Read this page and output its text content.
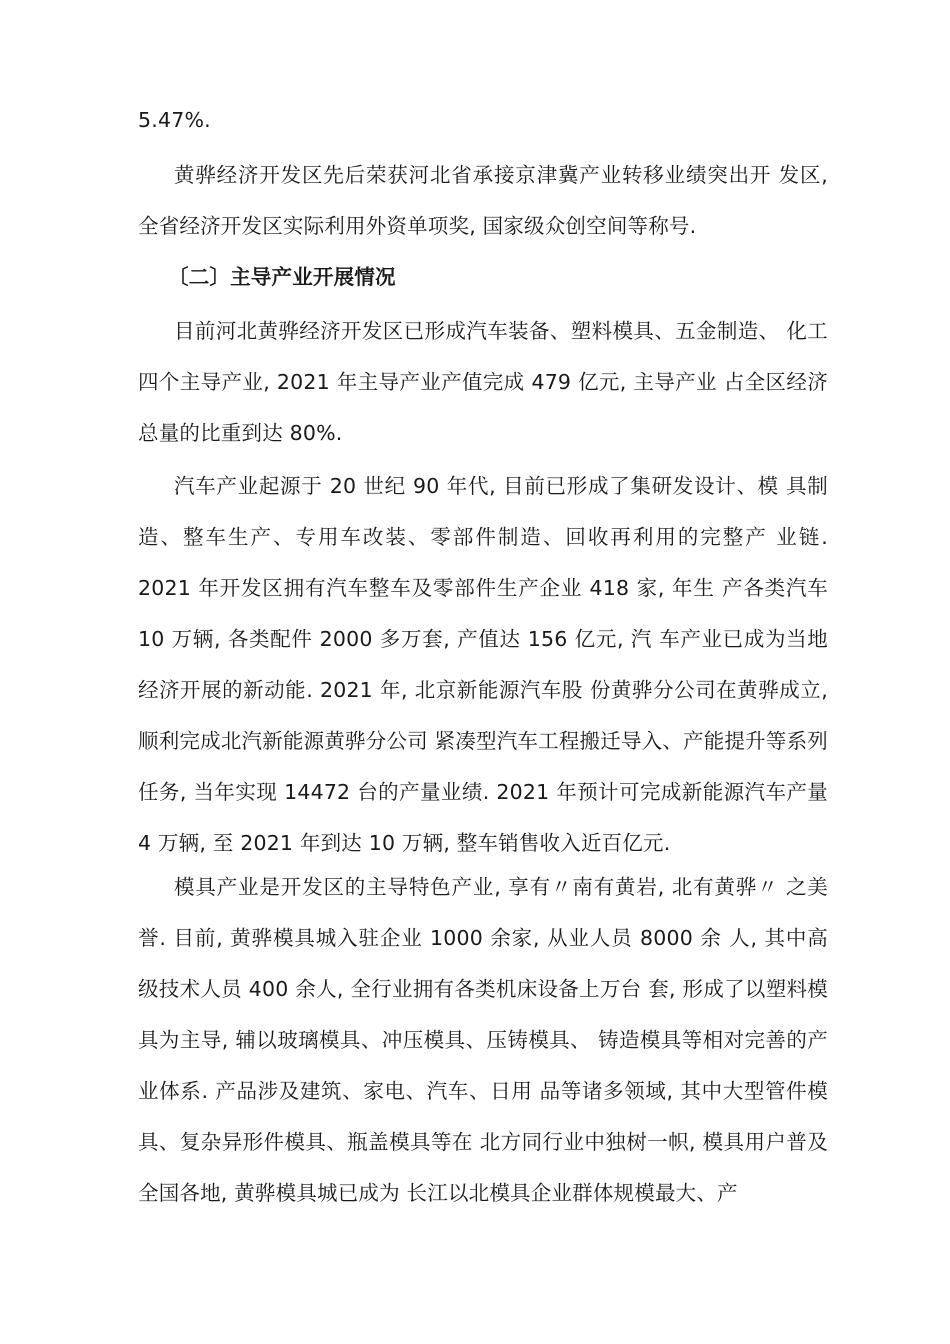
5.47%.

黄骅经济开发区先后荣获河北省承接京津冀产业转移业绩突出开 发区, 全省经济开发区实际利用外资单项奖, 国家级众创空间等称号.

〔二〕主导产业开展情况

目前河北黄骅经济开发区已形成汽车装备、塑料模具、五金制造、 化工四个主导产业, 2021 年主导产业产值完成 479 亿元, 主导产业 占全区经济总量的比重到达 80%.

汽车产业起源于 20 世纪 90 年代, 目前已形成了集研发设计、模 具制造、整车生产、专用车改装、零部件制造、回收再利用的完整产 业链. 2021 年开发区拥有汽车整车及零部件生产企业 418 家, 年生 产各类汽车 10 万辆, 各类配件 2000 多万套, 产值达 156 亿元, 汽 车产业已成为当地经济开展的新动能. 2021 年, 北京新能源汽车股 份黄骅分公司在黄骅成立, 顺利完成北汽新能源黄骅分公司 紧凑型汽车工程搬迁导入、产能提升等系列任务, 当年实现 14472 台的产量业绩. 2021 年预计可完成新能源汽车产量 4 万辆, 至 2021 年到达 10 万辆, 整车销售收入近百亿元.

模具产业是开发区的主导特色产业, 享有〃南有黄岩, 北有黄骅〃 之美誉. 目前, 黄骅模具城入驻企业 1000 余家, 从业人员 8000 余 人, 其中高级技术人员 400 余人, 全行业拥有各类机床设备上万台 套, 形成了以塑料模具为主导, 辅以玻璃模具、冲压模具、压铸模具、 铸造模具等相对完善的产业体系. 产品涉及建筑、家电、汽车、日用 品等诸多领域, 其中大型管件模具、复杂异形件模具、瓶盖模具等在 北方同行业中独树一帜, 模具用户普及全国各地, 黄骅模具城已成为 长江以北模具企业群体规模最大、产
